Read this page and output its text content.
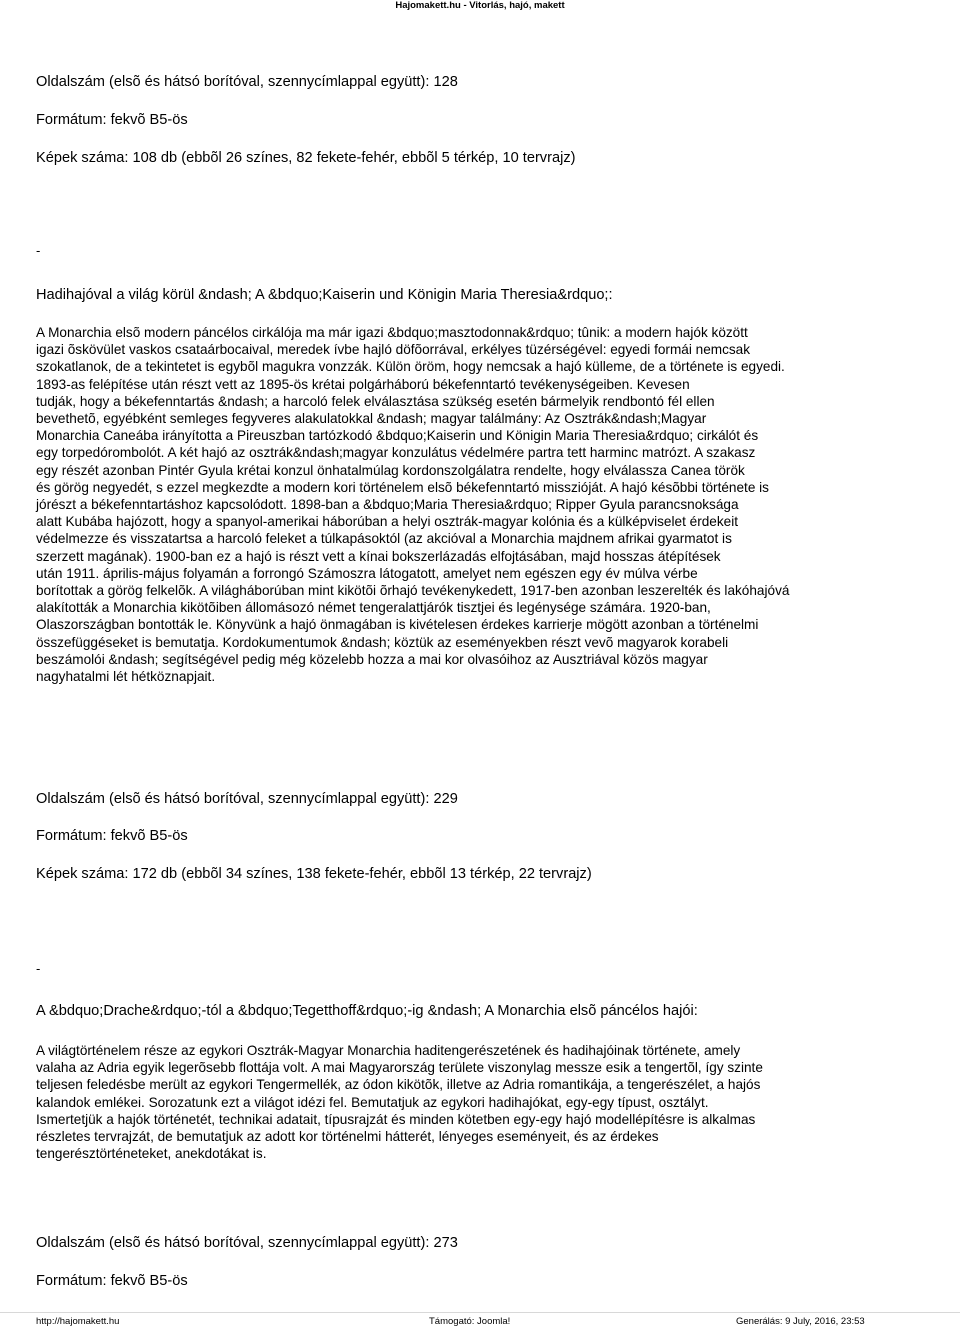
Hajomakett.hu - Vitorlás, hajó, makett
Oldalszám (elsõ és hátsó borítóval, szennycímlappal együtt): 128
Formátum: fekvõ B5-ös
Képek száma: 108 db (ebbõl 26 színes, 82 fekete-fehér, ebbõl 5 térkép, 10 tervrajz)
-
Hadihajóval a világ körül &ndash; A &bdquo;Kaiserin und Königin Maria Theresia&rdquo;:
A Monarchia elsõ modern páncélos cirkálója ma már igazi &bdquo;masztodonnak&rdquo; tûnik: a modern hajók között
igazi õskövület vaskos csataárbocaival, meredek ívbe hajló döfõorrával, erkélyes tüzérségével: egyedi formái nemcsak
szokatlanok, de a tekintetet is egybõl magukra vonzzák. Külön öröm, hogy nemcsak a hajó külleme, de a története is egyedi.
1893-as felépítése után részt vett az 1895-ös krétai polgárháború békefenntartó tevékenységeiben. Kevesen
tudják, hogy a békefenntartás &ndash; a harcoló felek elválasztása szükség esetén bármelyik rendbontó fél ellen
bevethetõ, egyébként semleges fegyveres alakulatokkal &ndash; magyar találmány: Az Osztrák&ndash;Magyar
Monarchia Caneába irányította a Pireuszban tartózkodó &bdquo;Kaiserin und Königin Maria Theresia&rdquo; cirkálót és
egy torpedórombolót. A két hajó az osztrák&ndash;magyar konzulátus védelmére partra tett harminc matrózt. A szakasz
egy részét azonban Pintér Gyula krétai konzul önhatalmúlag kordonszolgálatra rendelte, hogy elválassza Canea török
és görög negyedét, s ezzel megkezdte a modern kori történelem elsõ békefenntartó misszióját. A hajó késõbbi története is
jórészt a békefenntartáshoz kapcsolódott. 1898-ban a &bdquo;Maria Theresia&rdquo; Ripper Gyula parancsnoksága
alatt Kubába hajózott, hogy a spanyol-amerikai háborúban a helyi osztrák-magyar kolónia és a külképviselet érdekeit
védelmezze és visszatartsa a harcoló feleket a túlkapásoktól (az akcióval a Monarchia majdnem afrikai gyarmatot is
szerzett magának). 1900-ban ez a hajó is részt vett a kínai bokszerlázadás elfojtásában, majd hosszas átépítések
után 1911. április-május folyamán a forrongó Számoszra látogatott, amelyet nem egészen egy év múlva vérbe
borítottak a görög felkelõk. A világháborúban mint kikötõi õrhajó tevékenykedett, 1917-ben azonban leszerelték és lakóhajóvá
alakították a Monarchia kikötõiben állomásozó német tengeralattjárók tisztjei és legénysége számára. 1920-ban,
Olaszországban bontották le. Könyvünk a hajó önmagában is kivételesen érdekes karrierje mögött azonban a történelmi
összefüggéseket is bemutatja. Kordokumentumok &ndash; köztük az eseményekben részt vevõ magyarok korabeli
beszámolói &ndash; segítségével pedig még közelebb hozza a mai kor olvasóihoz az Ausztriával közös magyar
nagyhatalmi lét hétköznapjait.
Oldalszám (elsõ és hátsó borítóval, szennycímlappal együtt): 229
Formátum: fekvõ B5-ös
Képek száma: 172 db (ebbõl 34 színes, 138 fekete-fehér, ebbõl 13 térkép, 22 tervrajz)
-
A &bdquo;Drache&rdquo;-tól a &bdquo;Tegetthoff&rdquo;-ig &ndash; A Monarchia elsõ páncélos hajói:
A világtörténelem része az egykori Osztrák-Magyar Monarchia haditengerészetének és hadihajóinak története, amely
valaha az Adria egyik legerõsebb flottája volt. A mai Magyarország területe viszonylag messze esik a tengertõl, így szinte
teljesen feledésbe merült az egykori Tengermellék, az ódon kikötõk, illetve az Adria romantikája, a tengerészélet, a hajós
kalandok emlékei. Sorozatunk ezt a világot idézi fel. Bemutatjuk az egykori hadihajókat, egy-egy típust, osztályt.
Ismertetjük a hajók történetét, technikai adatait, típusrajzát és minden kötetben egy-egy hajó modellépítésre is alkalmas
részletes tervrajzát, de bemutatjuk az adott kor történelmi hátterét, lényeges eseményeit, és az érdekes
tengerésztörténeteket, anekdotákat is.
Oldalszám (elsõ és hátsó borítóval, szennycímlappal együtt): 273
Formátum: fekvõ B5-ös
http://hajomakett.hu	Támogató: Joomla!	Generálás: 9 July, 2016, 23:53
